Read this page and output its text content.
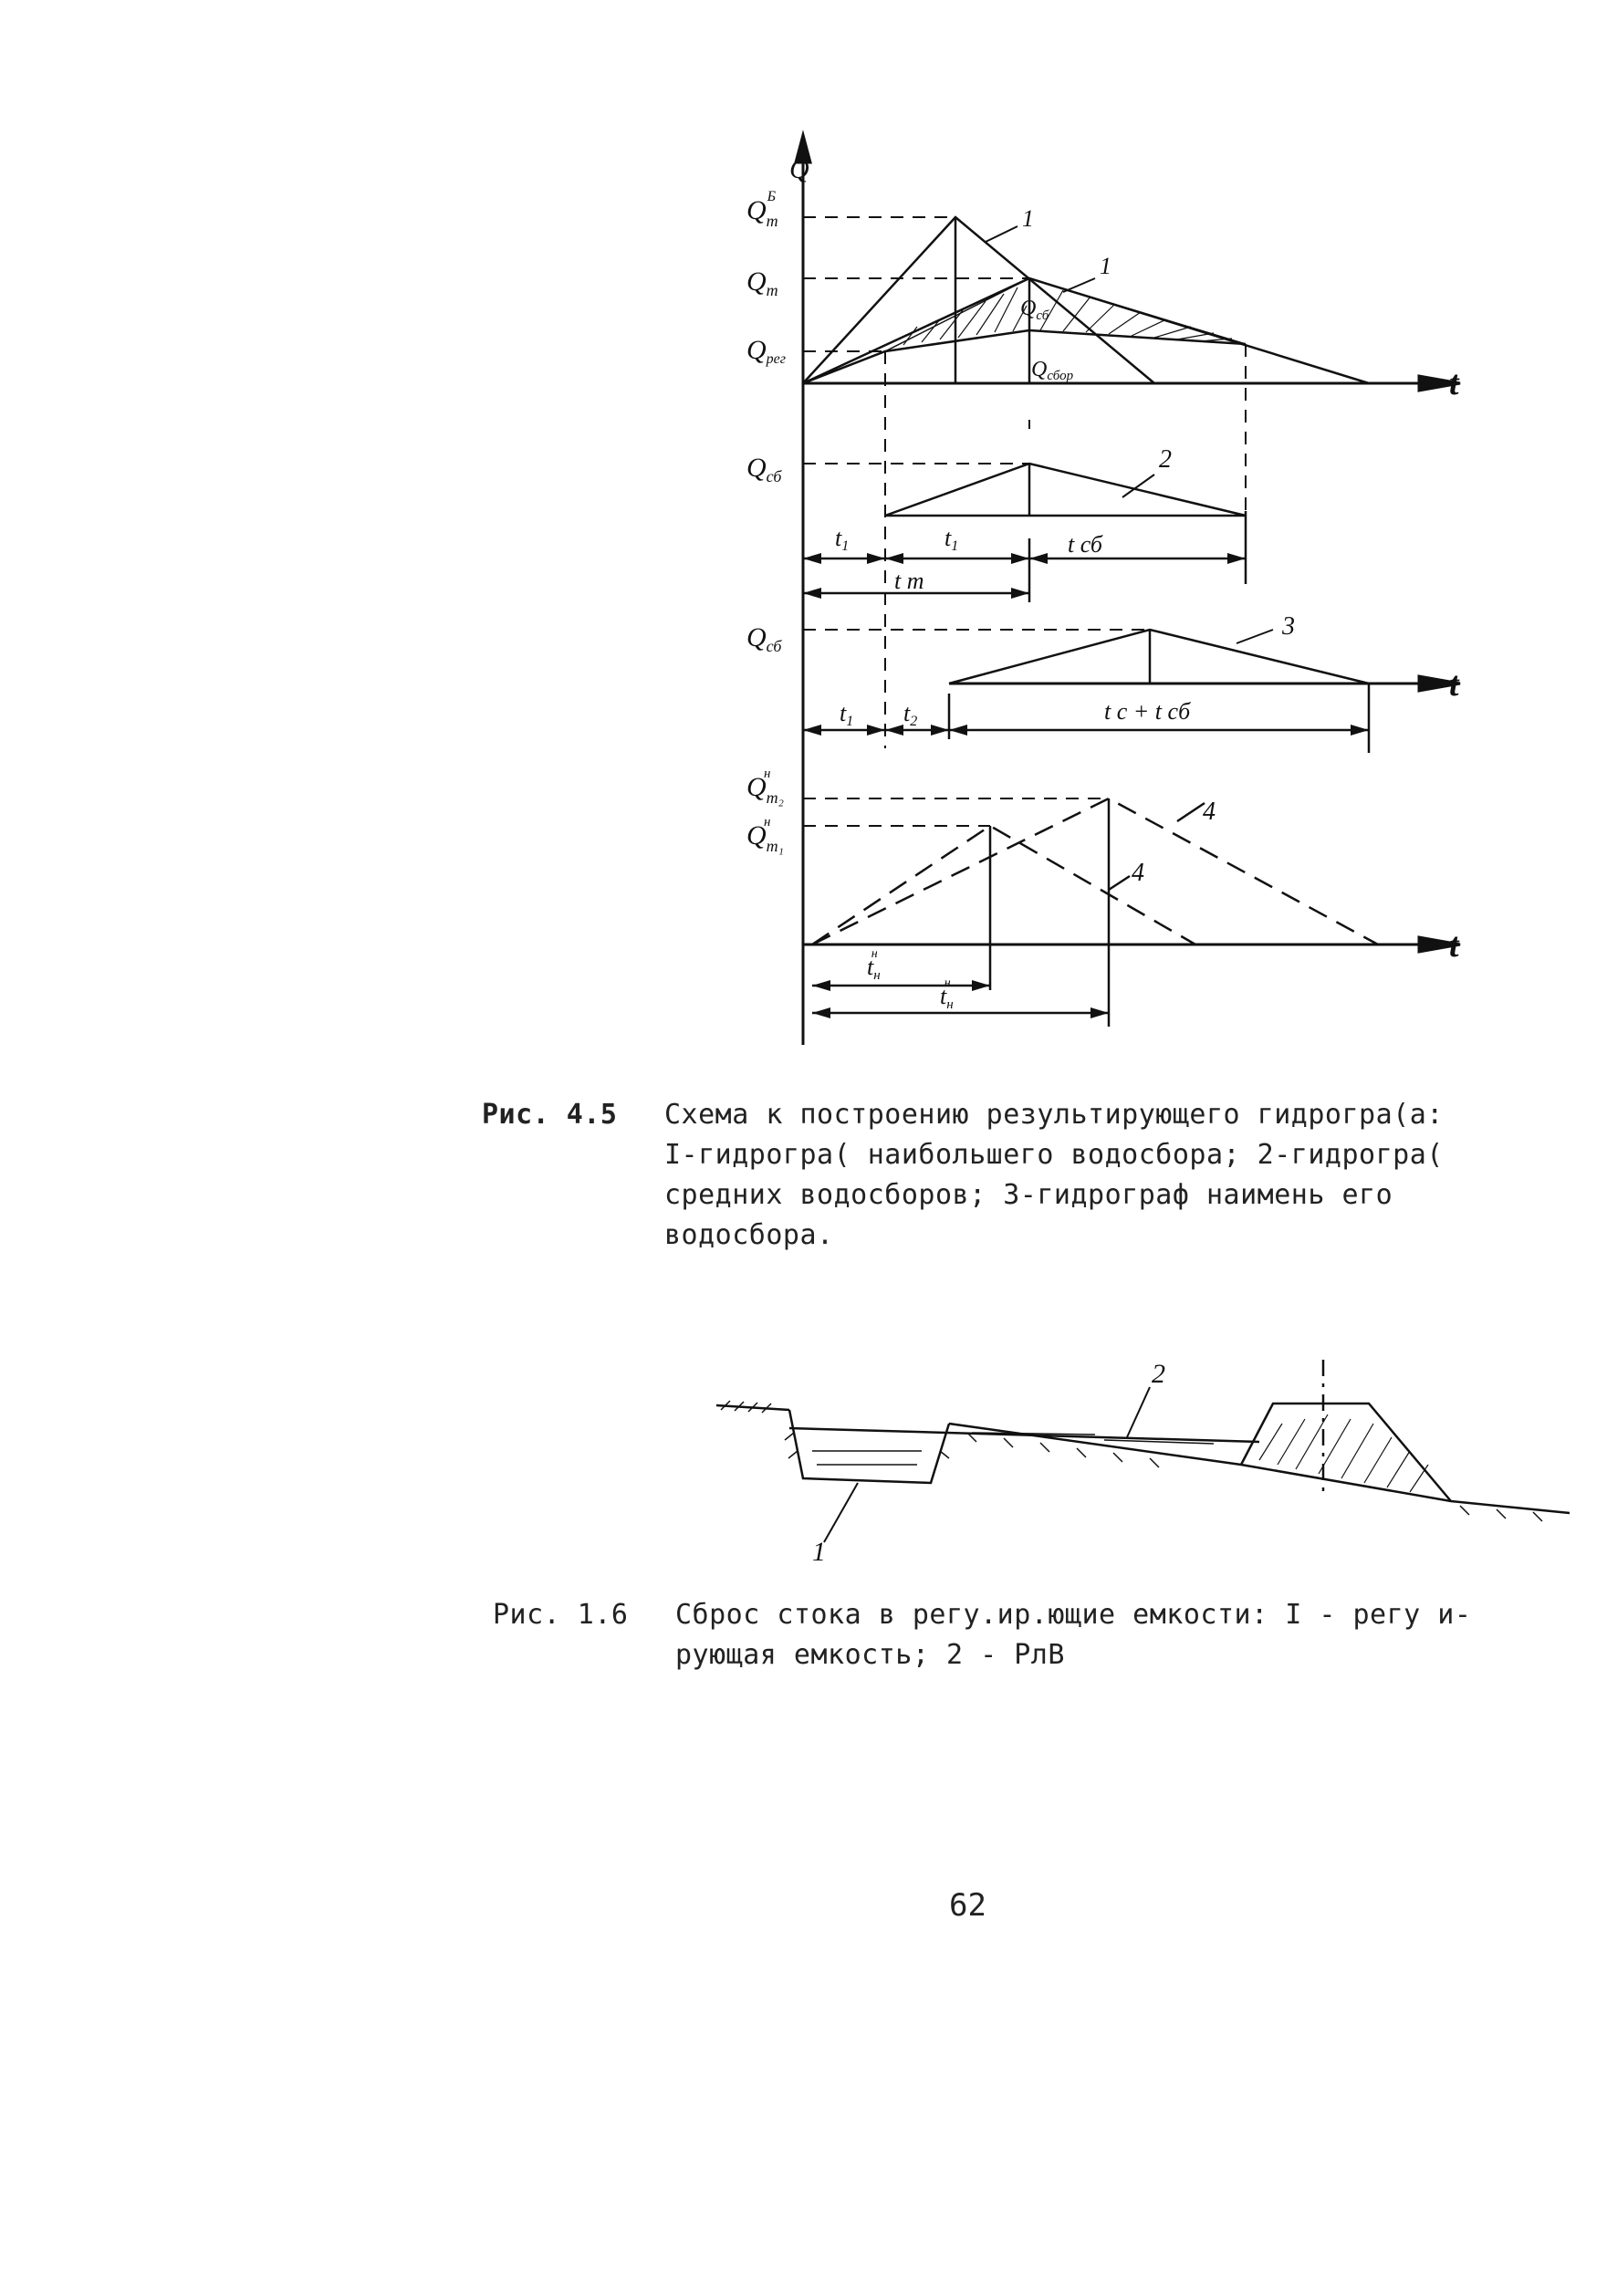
Q
$Q_mБ$
$Q_m$
Qрег
$Q_{сб}$
Qсбор
1
1
t
$Q_{сб}$
2
t1	t1	t сб
t m
$Q_{сб}$
3
t
t1 t2	t c + t cб
$Q_{m_2}н$
$Q_{m_1}н$	4
4
t
tнн
tнн
Рис. 4.5 Схема к построению результирующего гидрогра(а:
I-гидрогра( наибольшего водосбора; 2-гидрогра(
средних водосборов; 3-гидрограф наимень его
водосбора.
1
2
Рис. 1.6 Сброс стока в регу.ир.ющие емкости: I - регу и-
рующая емкость; 2 - РлВ
62
